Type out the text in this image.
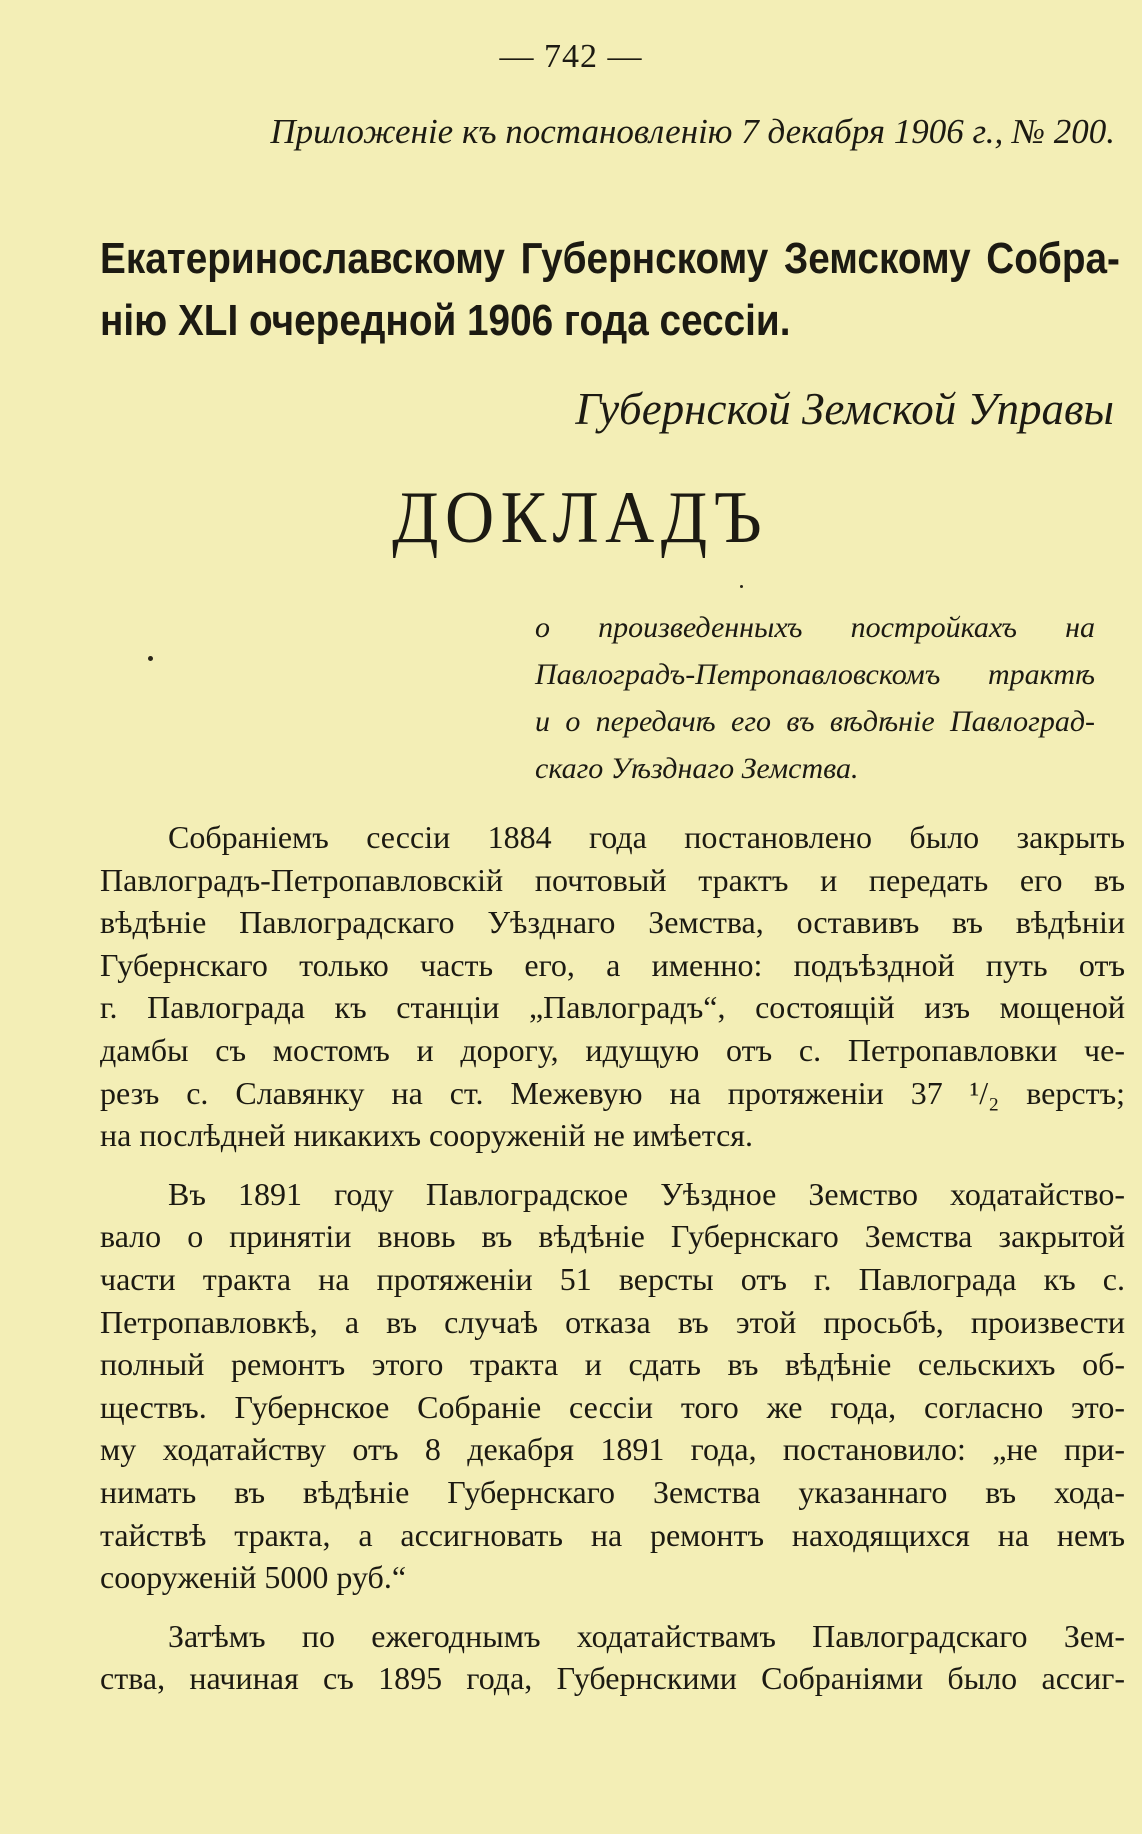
— 742 —
Приложеніе къ постановленію 7 декабря 1906 г., № 200.
Екатеринославскому Губернскому Земскому Собра-
нію XLI очередной 1906 года сессіи.
Губернской Земской Управы
ДОКЛАДЪ
о произведенныхъ постройкахъ на
Павлоградъ-Петропавловскомъ трактѣ
и о передачѣ его въ вѣдѣніе Павлоград-
скаго Уѣзднаго Земства.
Собраніемъ сессіи 1884 года постановлено было закрыть
Павлоградъ-Петропавловскій почтовый трактъ и передать его въ
вѣдѣніе Павлоградскаго Уѣзднаго Земства, оставивъ въ вѣдѣніи
Губернскаго только часть его, а именно: подъѣздной путь отъ
г. Павлограда къ станціи „Павлоградъ“, состоящій изъ мощеной
дамбы съ мостомъ и дорогу, идущую отъ с. Петропавловки че-
резъ с. Славянку на ст. Межевую на протяженіи 37 ¹/₂ верстъ;
на послѣдней никакихъ сооруженій не имѣется.
Въ 1891 году Павлоградское Уѣздное Земство ходатайство-
вало о принятіи вновь въ вѣдѣніе Губернскаго Земства закрытой
части тракта на протяженіи 51 версты отъ г. Павлограда къ с.
Петропавловкѣ, а въ случаѣ отказа въ этой просьбѣ, произвести
полный ремонтъ этого тракта и сдать въ вѣдѣніе сельскихъ об-
ществъ. Губернское Собраніе сессіи того же года, согласно это-
му ходатайству отъ 8 декабря 1891 года, постановило: „не при-
нимать въ вѣдѣніе Губернскаго Земства указаннаго въ хода-
тайствѣ тракта, а ассигновать на ремонтъ находящихся на немъ
сооруженій 5000 руб.“
Затѣмъ по ежегоднымъ ходатайствамъ Павлоградскаго Зем-
ства, начиная съ 1895 года, Губернскими Собраніями было ассиг-
